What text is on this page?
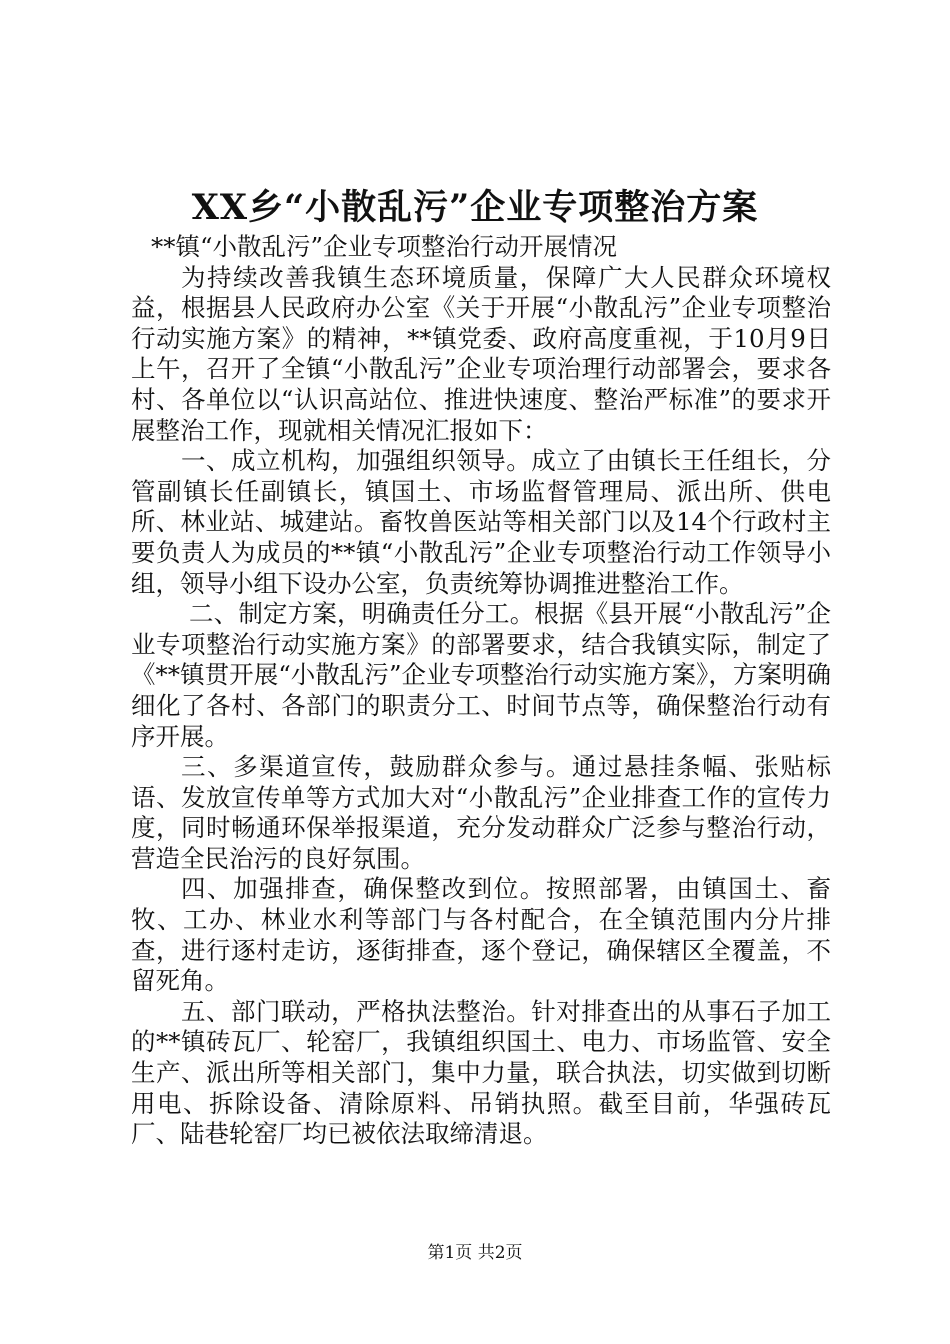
XX乡“小散乱污”企业专项整治方案

**镇“小散乱污”企业专项整治行动开展情况

为持续改善我镇生态环境质量，保障广大人民群众环境权益，根据县人民政府办公室《关于开展“小散乱污”企业专项整治行动实施方案》的精神，**镇党委、政府高度重视，于10月9日上午，召开了全镇“小散乱污”企业专项治理行动部署会，要求各村、各单位以“认识高站位、推进快速度、整治严标准”的要求开展整治工作，现就相关情况汇报如下：

一、成立机构，加强组织领导。成立了由镇长王任组长，分管副镇长任副镇长，镇国土、市场监督管理局、派出所、供电所、林业站、城建站。畜牧兽医站等相关部门以及14个行政村主要负责人为成员的**镇“小散乱污”企业专项整治行动工作领导小组，领导小组下设办公室，负责统筹协调推进整治工作。

二、制定方案，明确责任分工。根据《县开展“小散乱污”企业专项整治行动实施方案》的部署要求，结合我镇实际，制定了《**镇贯开展“小散乱污”企业专项整治行动实施方案》，方案明确细化了各村、各部门的职责分工、时间节点等，确保整治行动有序开展。

三、多渠道宣传，鼓励群众参与。通过悬挂条幅、张贴标语、发放宣传单等方式加大对“小散乱污”企业排查工作的宣传力度，同时畅通环保举报渠道，充分发动群众广泛参与整治行动，营造全民治污的良好氛围。

四、加强排查，确保整改到位。按照部署，由镇国土、畜牧、工办、林业水利等部门与各村配合，在全镇范围内分片排查，进行逐村走访，逐街排查，逐个登记，确保辖区全覆盖，不留死角。

五、部门联动，严格执法整治。针对排查出的从事石子加工的**镇砖瓦厂、轮窑厂，我镇组织国土、电力、市场监管、安全生产、派出所等相关部门，集中力量，联合执法，切实做到切断用电、拆除设备、清除原料、吊销执照。截至目前，华强砖瓦厂、陆巷轮窑厂均已被依法取缔清退。

第1页 共2页
